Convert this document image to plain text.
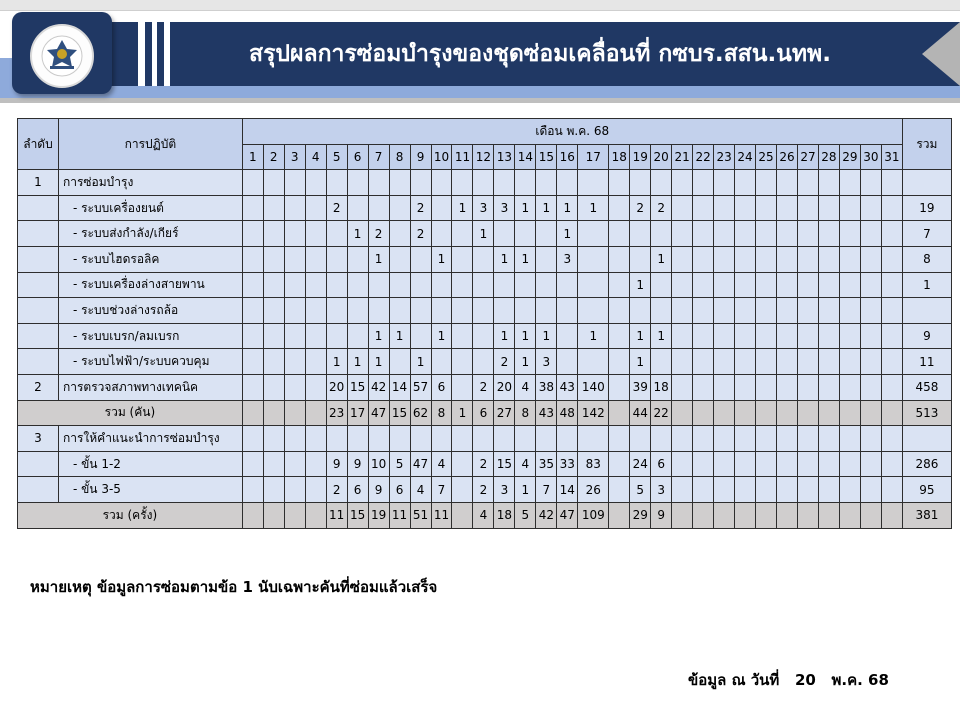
สรุปผลการซ่อมบำรุงของชุดซ่อมเคลื่อนที่ กซบร.สสน.นทพ.
ลำดับ	การปฏิบัติ	เดือน พ.ค. 68																															รวม
		1	2	3	4	5	6	7	8	9	10	11	12	13	14	15	16	17	18	19	20	21	22	23	24	25	26	27	28	29	30	31	
1	การซ่อมบำรุง																																
	- ระบบเครื่องยนต์					2				2		1	3	3	1	1	1	1		2	2												19
	- ระบบส่งกำลัง/เกียร์						1	2		2			1				1																7
	- ระบบไฮดรอลิค							1			1			1	1		3				1												8
	- ระบบเครื่องล่างสายพาน																			1													1
	- ระบบช่วงล่างรถล้อ																																
	- ระบบเบรก/ลมเบรก							1	1		1			1	1	1		1		1	1												9
	- ระบบไฟฟ้า/ระบบควบคุม					1	1	1		1				2	1	3				1													11
2	การตรวจสภาพทางเทคนิค					20	15	42	14	57	6		2	20	4	38	43	140		39	18												458
รวม (คัน)						23	17	47	15	62	8	1	6	27	8	43	48	142		44	22												513
3	การให้คำแนะนำการซ่อมบำรุง																																
	- ขั้น 1-2					9	9	10	5	47	4		2	15	4	35	33	83		24	6												286
	- ขั้น 3-5					2	6	9	6	4	7		2	3	1	7	14	26		5	3												95
รวม (ครั้ง)						11	15	19	11	51	11		4	18	5	42	47	109		29	9												381
หมายเหตุ ข้อมูลการซ่อมตามข้อ 1 นับเฉพาะคันที่ซ่อมแล้วเสร็จ
ข้อมูล ณ วันที่ 20 พ.ค. 68
